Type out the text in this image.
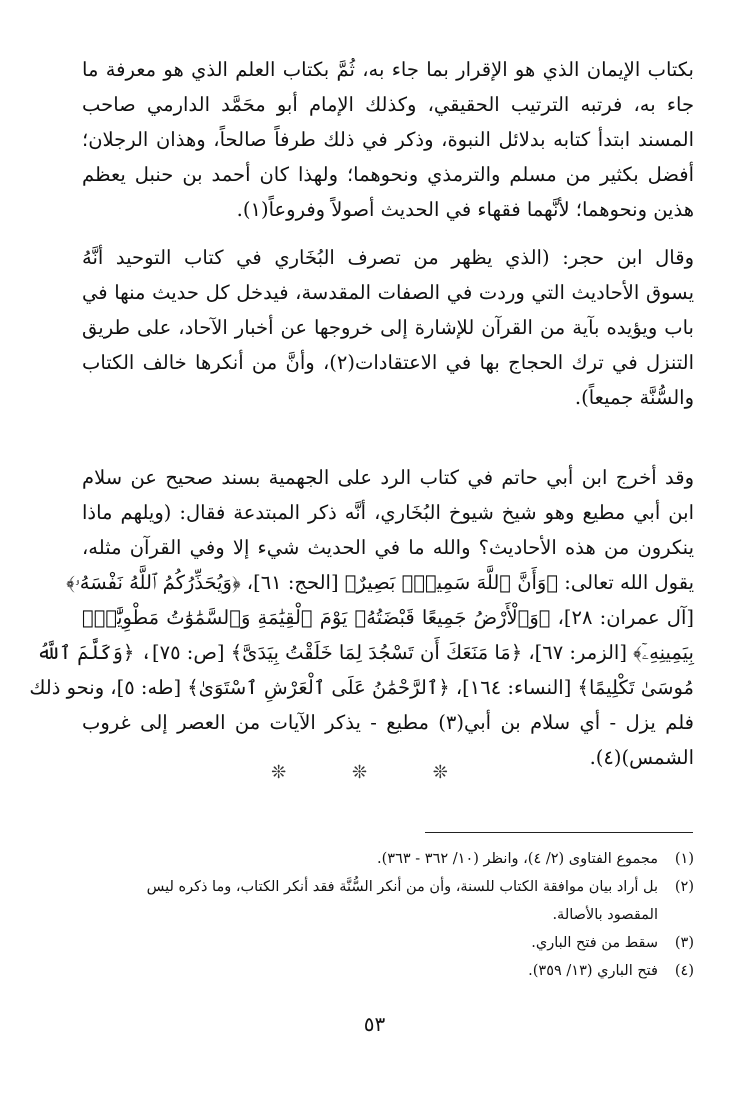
بكتاب الإيمان الذي هو الإقرار بما جاء به، ثُمَّ بكتاب العلم الذي هو معرفة ما
جاء به، فرتبه الترتيب الحقيقي، وكذلك الإمام أبو محَمَّد الدارمي صاحب
المسند ابتدأ كتابه بدلائل النبوة، وذكر في ذلك طرفاً صالحاً، وهذان الرجلان؛
أفضل بكثير من مسلم والترمذي ونحوهما؛ ولهذا كان أحمد بن حنبل يعظم
هذين ونحوهما؛ لأنَّهما فقهاء في الحديث أصولاً وفروعاً(١).
وقال ابن حجر: (الذي يظهر من تصرف البُخَاري في كتاب التوحيد أنَّهُ
يسوق الأحاديث التي وردت في الصفات المقدسة، فيدخل كل حديث منها في
باب ويؤيده بآية من القرآن للإشارة إلى خروجها عن أخبار الآحاد، على طريق
التنزل في ترك الحجاج بها في الاعتقادات(٢)، وأنَّ من أنكرها خالف الكتاب
والسُّنَّة جميعاً).
وقد أخرج ابن أبي حاتم في كتاب الرد على الجهمية بسند صحيح عن سلام
ابن أبي مطيع وهو شيخ شيوخ البُخَاري، أنَّه ذكر المبتدعة فقال: (ويلهم ماذا
ينكرون من هذه الأحاديث؟ والله ما في الحديث شيء إلا وفي القرآن مثله،
يقول الله تعالى: ﴿وَأَنَّ ٱللَّهَ سَمِيعٌۢ بَصِيرٌ﴾ [الحج: ٦١]، ﴿وَيُحَذِّرُكُمُ ٱللَّهُ نَفْسَهُۥ﴾
[آل عمران: ٢٨]، ﴿وَٱلْأَرْضُ جَمِيعًا قَبْضَتُهُۥ يَوْمَ ٱلْقِيَٰمَةِ وَٱلسَّمَٰوَٰتُ مَطْوِيَّٰتٌۢ
بِيَمِينِهِۦٓ﴾ [الزمر: ٦٧]، ﴿مَا مَنَعَكَ أَن تَسْجُدَ لِمَا خَلَقْتُ بِيَدَىَّ﴾ [ص: ٧٥]، ﴿وَكَلَّمَ ٱللَّهُ
مُوسَىٰ تَكْلِيمًا﴾ [النساء: ١٦٤]، ﴿ٱلرَّحْمَٰنُ عَلَى ٱلْعَرْشِ ٱسْتَوَىٰ﴾ [طه: ٥]، ونحو ذلك
فلم يزل - أي سلام بن أبي(٣) مطيع - يذكر الآيات من العصر إلى غروب
الشمس)(٤).
❊ ❊ ❊
(١)
مجموع الفتاوى (٢/ ٤)، وانظر (١٠/ ٣٦٢ - ٣٦٣).
(٢)
بل أراد بيان موافقة الكتاب للسنة، وأن من أنكر السُّنَّة فقد أنكر الكتاب، وما ذكره ليس
المقصود بالأصالة.
(٣)
سقط من فتح الباري.
(٤)
فتح الباري (١٣/ ٣٥٩).
٥٣
